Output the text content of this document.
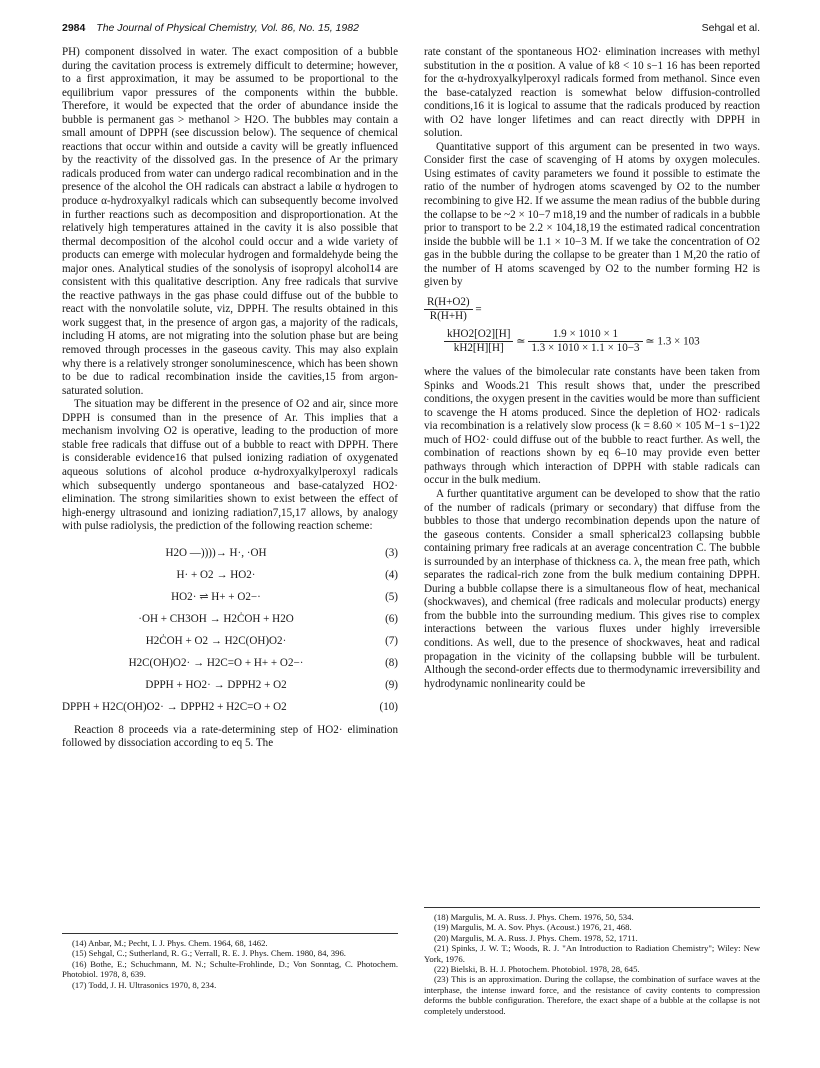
2984 The Journal of Physical Chemistry, Vol. 86, No. 15, 1982	Sehgal et al.

PH) component dissolved in water. The exact composition of a bubble during the cavitation process is extremely difficult to determine; however, to a first approximation, it may be assumed to be proportional to the equilibrium vapor pressures of the components within the bubble. Therefore, it would be expected that the order of abundance inside the bubble is permanent gas > methanol > H2O. The bubbles may contain a small amount of DPPH (see discussion below). The sequence of chemical reactions that occur within and outside a cavity will be greatly influenced by the reactivity of the dissolved gas. In the presence of Ar the primary radicals produced from water can undergo radical recombination and in the presence of the alcohol the OH radicals can abstract a labile α hydrogen to produce α-hydroxyalkyl radicals which can subsequently become involved in further reactions such as decomposition and disproportionation. At the relatively high temperatures attained in the cavity it is also possible that thermal decomposition of the alcohol could occur and a wide variety of products can emerge with molecular hydrogen and formaldehyde being the major ones. Analytical studies of the sonolysis of isopropyl alcohol14 are consistent with this qualitative description. Any free radicals that survive the reactive pathways in the gas phase could diffuse out of the bubble to react with the nonvolatile solute, viz, DPPH. The results obtained in this work suggest that, in the presence of argon gas, a majority of the radicals, including H atoms, are not migrating into the solution phase but are being removed through processes in the gaseous cavity. This may also explain why there is a relatively stronger sonoluminescence, which has been shown to be due to radical recombination inside the cavities,15 from argon-saturated solution.

The situation may be different in the presence of O2 and air, since more DPPH is consumed than in the presence of Ar. This implies that a mechanism involving O2 is operative, leading to the production of more stable free radicals that diffuse out of a bubble to react with DPPH. There is considerable evidence16 that pulsed ionizing radiation of oxygenated aqueous solutions of alcohol produce α-hydroxyalkylperoxyl radicals which subsequently undergo spontaneous and base-catalyzed HO2· elimination. The strong similarities shown to exist between the effect of high-energy ultrasound and ionizing radiation7,15,17 allows, by analogy with pulse radiolysis, the prediction of the following reaction scheme:

H2O —))))→ H·, ·OH	(3)
H· + O2 → HO2·	(4)
HO2· ⇌ H+ + O2−·	(5)
·OH + CH3OH → H2ĊOH + H2O	(6)
H2ĊOH + O2 → H2C(OH)O2·	(7)
H2C(OH)O2· → H2C=O + H+ + O2−·	(8)
DPPH + HO2· → DPPH2 + O2	(9)
DPPH + H2C(OH)O2· → DPPH2 + H2C=O + O2	(10)

Reaction 8 proceeds via a rate-determining step of HO2· elimination followed by dissociation according to eq 5. The

(14) Anbar, M.; Pecht, I. J. Phys. Chem. 1964, 68, 1462.

(15) Sehgal, C.; Sutherland, R. G.; Verrall, R. E. J. Phys. Chem. 1980, 84, 396.

(16) Bothe, E.; Schuchmann, M. N.; Schulte-Frohlinde, D.; Von Sonntag, C. Photochem. Photobiol. 1978, 8, 639.

(17) Todd, J. H. Ultrasonics 1970, 8, 234.

rate constant of the spontaneous HO2· elimination increases with methyl substitution in the α position. A value of k8 < 10 s−1 16 has been reported for the α-hydroxyalkylperoxyl radicals formed from methanol. Since even the base-catalyzed reaction is somewhat below diffusion-controlled conditions,16 it is logical to assume that the radicals produced by reaction with O2 have longer lifetimes and can react directly with DPPH in solution.

Quantitative support of this argument can be presented in two ways. Consider first the case of scavenging of H atoms by oxygen molecules. Using estimates of cavity parameters we found it possible to estimate the ratio of the number of hydrogen atoms scavenged by O2 to the number recombining to give H2. If we assume the mean radius of the bubble during the collapse to be ~2 × 10−7 m18,19 and the number of radicals in a bubble prior to transport to be 2.2 × 104,18,19 the estimated radical concentration inside the bubble will be 1.1 × 10−3 M. If we take the concentration of O2 gas in the bubble during the collapse to be greater than 1 M,20 the ratio of the number of H atoms scavenged by O2 to the number forming H2 is given by

$\frac{R(H+O2)}{R(H+H)}$ =
$\frac{\text{kHO2[O2][H]}}{kH2[H][H]}$ ≃ $\frac{1.9 \times 1010 \times 1}{1.3 \times 1010 \times 1.1 \times 10-3}$ ≃ 1.3 × 103

where the values of the bimolecular rate constants have been taken from Spinks and Woods.21 This result shows that, under the prescribed conditions, the oxygen present in the cavities would be more than sufficient to scavenge the H atoms produced. Since the depletion of HO2· radicals via recombination is a relatively slow process (k = 8.60 × 105 M−1 s−1)22 much of HO2· could diffuse out of the bubble to react further. As well, the combination of reactions shown by eq 6–10 may provide even better pathways through which interaction of DPPH with stable radicals can occur in the bulk medium.

A further quantitative argument can be developed to show that the ratio of the number of radicals (primary or secondary) that diffuse from the bubbles to those that undergo recombination depends upon the nature of the gaseous contents. Consider a small spherical23 collapsing bubble containing primary free radicals at an average concentration C. The bubble is surrounded by an interphase of thickness ca. λ, the mean free path, which separates the radical-rich zone from the bulk medium containing DPPH. During a bubble collapse there is a simultaneous flow of heat, mechanical (shockwaves), and chemical (free radicals and molecular products) energy from the bubble into the surrounding medium. This gives rise to complex interactions between the various fluxes under highly irreversible conditions. As well, due to the presence of shockwaves, heat and radical propagation in the vicinity of the collapsing bubble will be turbulent. Although the second-order effects due to thermodynamic irreversibility and hydrodynamic nonlinearity could be

(18) Margulis, M. A. Russ. J. Phys. Chem. 1976, 50, 534.

(19) Margulis, M. A. Sov. Phys. (Acoust.) 1976, 21, 468.

(20) Margulis, M. A. Russ. J. Phys. Chem. 1978, 52, 1711.

(21) Spinks, J. W. T.; Woods, R. J. "An Introduction to Radiation Chemistry"; Wiley: New York, 1976.

(22) Bielski, B. H. J. Photochem. Photobiol. 1978, 28, 645.

(23) This is an approximation. During the collapse, the combination of surface waves at the interphase, the intense inward force, and the resistance of cavity contents to compression deforms the bubble configuration. Therefore, the exact shape of a bubble at the collapse is not completely understood.
